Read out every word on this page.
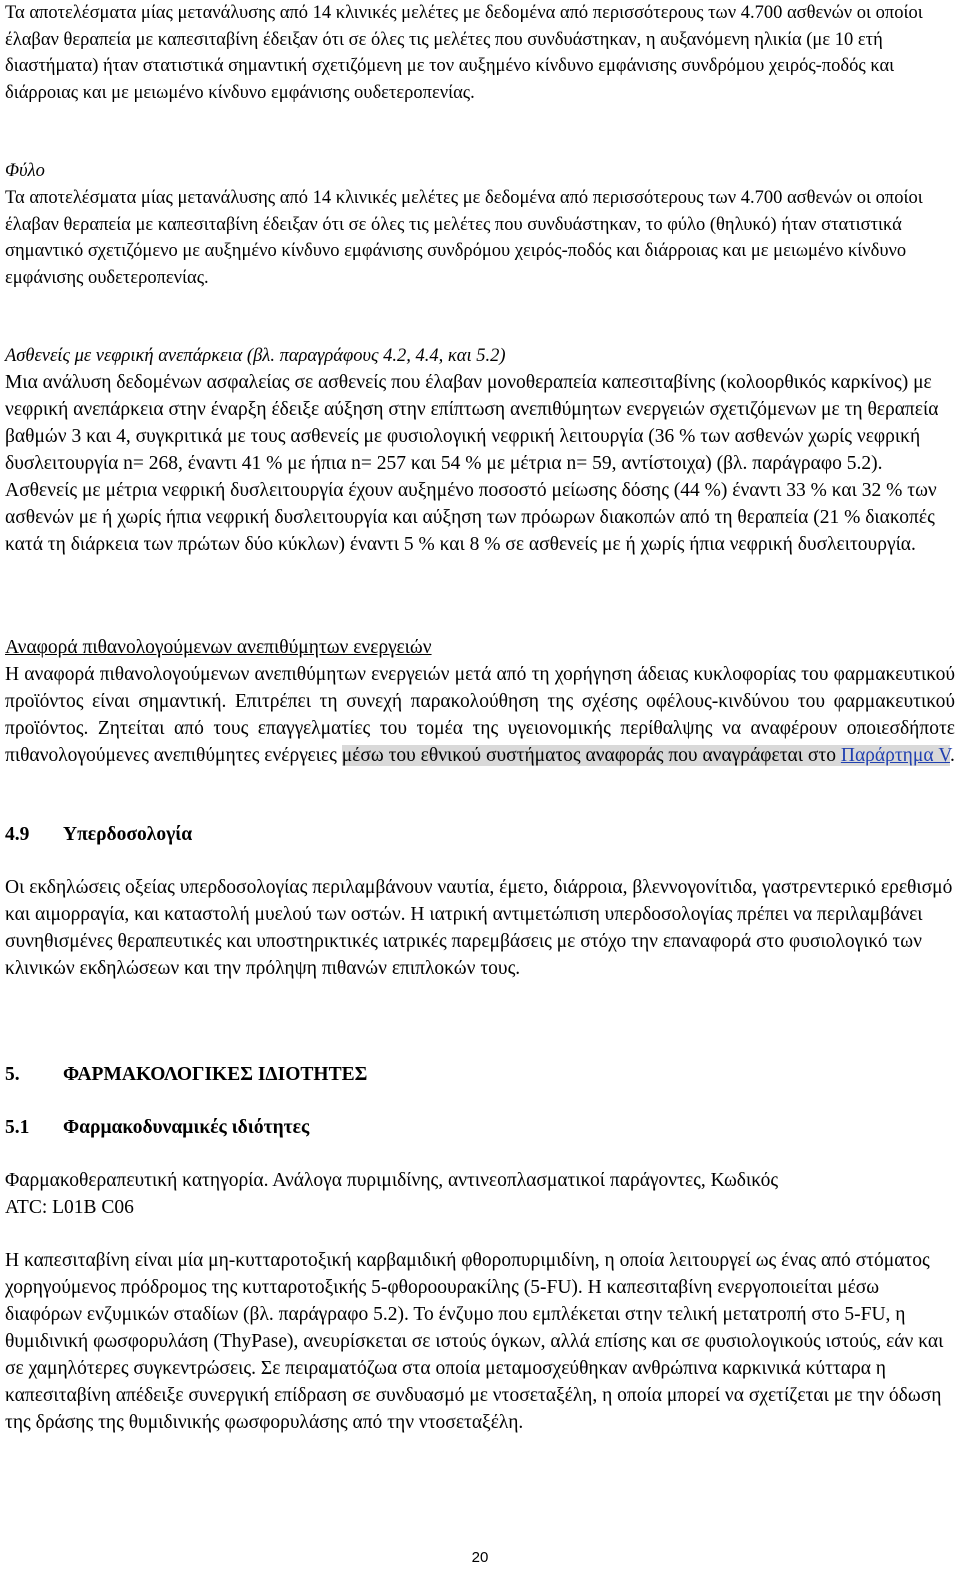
Τα αποτελέσματα μίας μετανάλυσης από 14 κλινικές μελέτες με δεδομένα από περισσότερους των 4.700 ασθενών οι οποίοι έλαβαν θεραπεία με καπεσιταβίνη έδειξαν ότι σε όλες τις μελέτες που συνδυάστηκαν, η αυξανόμενη ηλικία (με 10 ετή διαστήματα) ήταν στατιστικά σημαντική σχετιζόμενη με τον αυξημένο κίνδυνο εμφάνισης συνδρόμου χειρός-ποδός και διάρροιας και με μειωμένο κίνδυνο εμφάνισης ουδετεροπενίας.

Φύλο

Τα αποτελέσματα μίας μετανάλυσης από 14 κλινικές μελέτες με δεδομένα από περισσότερους των 4.700 ασθενών οι οποίοι έλαβαν θεραπεία με καπεσιταβίνη έδειξαν ότι σε όλες τις μελέτες που συνδυάστηκαν, το φύλο (θηλυκό) ήταν στατιστικά σημαντικό σχετιζόμενο με αυξημένο κίνδυνο εμφάνισης συνδρόμου χειρός-ποδός και διάρροιας και με μειωμένο κίνδυνο εμφάνισης ουδετεροπενίας.

Ασθενείς με νεφρική ανεπάρκεια (βλ. παραγράφους 4.2, 4.4, και 5.2)

Μια ανάλυση δεδομένων ασφαλείας σε ασθενείς που έλαβαν μονοθεραπεία καπεσιταβίνης (κολοορθικός καρκίνος) με νεφρική ανεπάρκεια στην έναρξη έδειξε αύξηση στην επίπτωση ανεπιθύμητων ενεργειών σχετιζόμενων με τη θεραπεία βαθμών 3 και 4, συγκριτικά με τους ασθενείς με φυσιολογική νεφρική λειτουργία (36 % των ασθενών χωρίς νεφρική δυσλειτουργία n= 268, έναντι 41 % με ήπια n= 257 και 54 % με μέτρια n= 59, αντίστοιχα) (βλ. παράγραφο 5.2). Ασθενείς με μέτρια νεφρική δυσλειτουργία έχουν αυξημένο ποσοστό μείωσης δόσης (44 %) έναντι 33 % και 32 % των ασθενών με ή χωρίς ήπια νεφρική δυσλειτουργία και αύξηση των πρόωρων διακοπών από τη θεραπεία (21 % διακοπές κατά τη διάρκεια των πρώτων δύο κύκλων) έναντι 5 % και 8 % σε ασθενείς με ή χωρίς ήπια νεφρική δυσλειτουργία.

Αναφορά πιθανολογούμενων ανεπιθύμητων ενεργειών

Η αναφορά πιθανολογούμενων ανεπιθύμητων ενεργειών μετά από τη χορήγηση άδειας κυκλοφορίας του φαρμακευτικού προϊόντος είναι σημαντική. Επιτρέπει τη συνεχή παρακολούθηση της σχέσης οφέλους-κινδύνου του φαρμακευτικού προϊόντος. Ζητείται από τους επαγγελματίες του τομέα της υγειονομικής περίθαλψης να αναφέρουν οποιεσδήποτε πιθανολογούμενες ανεπιθύμητες ενέργειες μέσω του εθνικού συστήματος αναφοράς που αναγράφεται στο Παράρτημα V.

4.9 Υπερδοσολογία

Οι εκδηλώσεις οξείας υπερδοσολογίας περιλαμβάνουν ναυτία, έμετο, διάρροια, βλεννογονίτιδα, γαστρεντερικό ερεθισμό και αιμορραγία, και καταστολή μυελού των οστών. Η ιατρική αντιμετώπιση υπερδοσολογίας πρέπει να περιλαμβάνει συνηθισμένες θεραπευτικές και υποστηρικτικές ιατρικές παρεμβάσεις με στόχο την επαναφορά στο φυσιολογικό των κλινικών εκδηλώσεων και την πρόληψη πιθανών επιπλοκών τους.

5. ΦΑΡΜΑΚΟΛΟΓΙΚΕΣ ΙΔΙΟΤΗΤΕΣ

5.1 Φαρμακοδυναμικές ιδιότητες

Φαρμακοθεραπευτική κατηγορία. Ανάλογα πυριμιδίνης, αντινεοπλασματικοί παράγοντες, Κωδικός

ATC: L01B C06

Η καπεσιταβίνη είναι μία μη-κυτταροτοξική καρβαμιδική φθοροπυριμιδίνη, η οποία λειτουργεί ως ένας από στόματος χορηγούμενος πρόδρομος της κυτταροτοξικής 5-φθοροουρακίλης (5-FU). Η καπεσιταβίνη ενεργοποιείται μέσω διαφόρων ενζυμικών σταδίων (βλ. παράγραφο 5.2). Το ένζυμο που εμπλέκεται στην τελική μετατροπή στο 5-FU, η θυμιδινική φωσφορυλάση (ThyPase), ανευρίσκεται σε ιστούς όγκων, αλλά επίσης και σε φυσιολογικούς ιστούς, εάν και σε χαμηλότερες συγκεντρώσεις. Σε πειραματόζωα στα οποία μεταμοσχεύθηκαν ανθρώπινα καρκινικά κύτταρα η καπεσιταβίνη απέδειξε συνεργική επίδραση σε συνδυασμό με ντοσεταξέλη, η οποία μπορεί να σχετίζεται με την όδωση της δράσης της θυμιδινικής φωσφορυλάσης από την ντοσεταξέλη.

20
